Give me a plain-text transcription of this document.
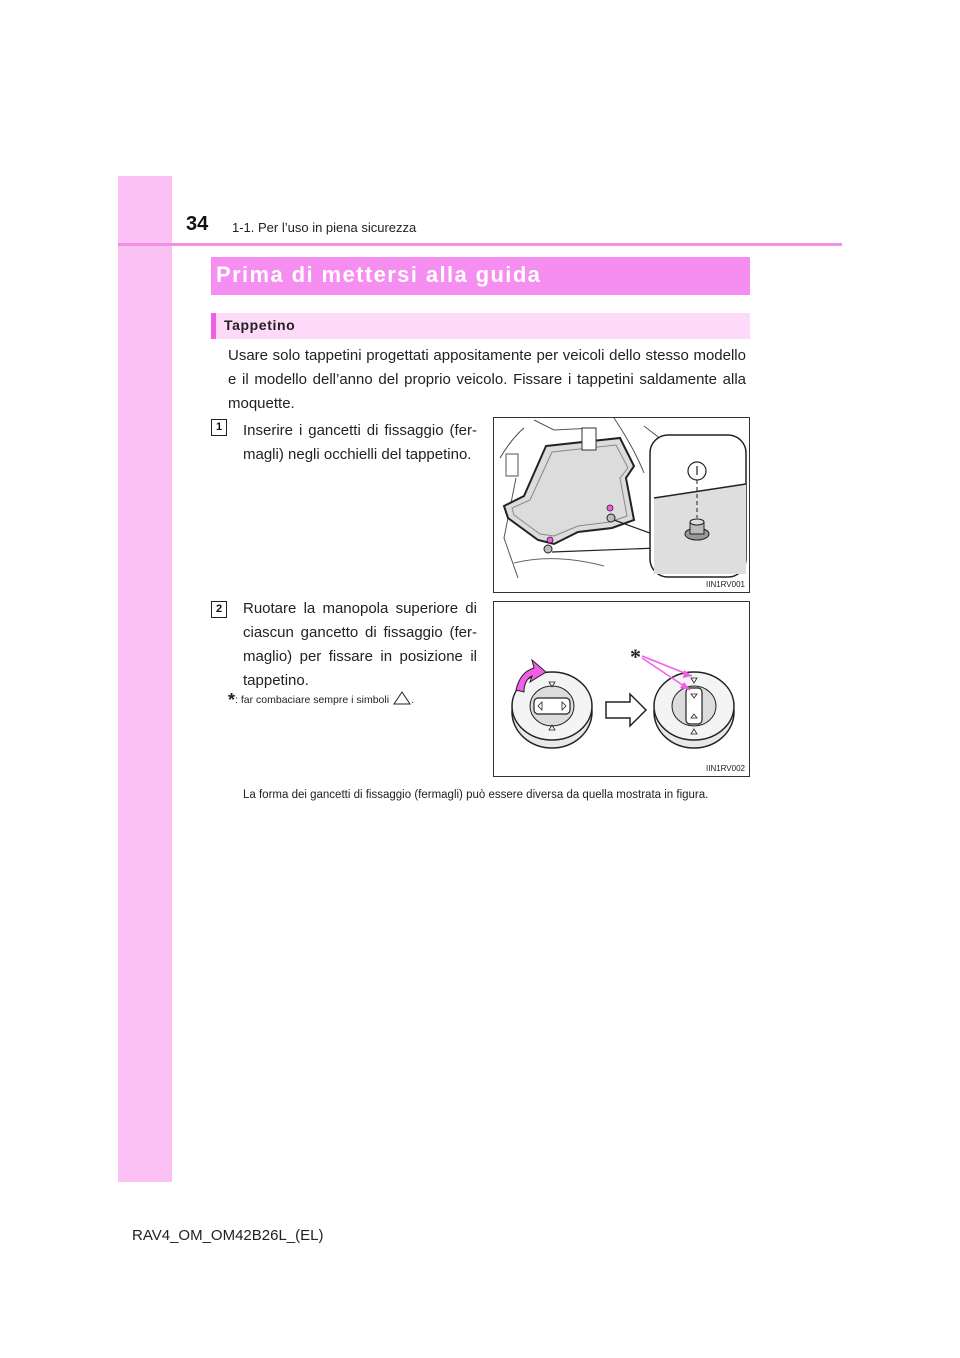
34 1-1. Per l’uso in piena sicurezza
Prima di mettersi alla guida
Tappetino

Usare solo tappetini progettati appositamente per veicoli dello stesso modello e il modello dell’anno del proprio veicolo. Fissare i tappetini saldamente alla moquette.

1	Inserire i gancetti di fissaggio (fer-magli) negli occhielli del tappetino.

IIN1RV001
2	Ruotare la manopola superiore di ciascun gancetto di fissaggio (fer-maglio) per fissare in posizione il tappetino.

*: far combaciare sempre i simboli .
*
IIN1RV002

La forma dei gancetti di fissaggio (fermagli) può essere diversa da quella mostrata in figura.

RAV4_OM_OM42B26L_(EL)
